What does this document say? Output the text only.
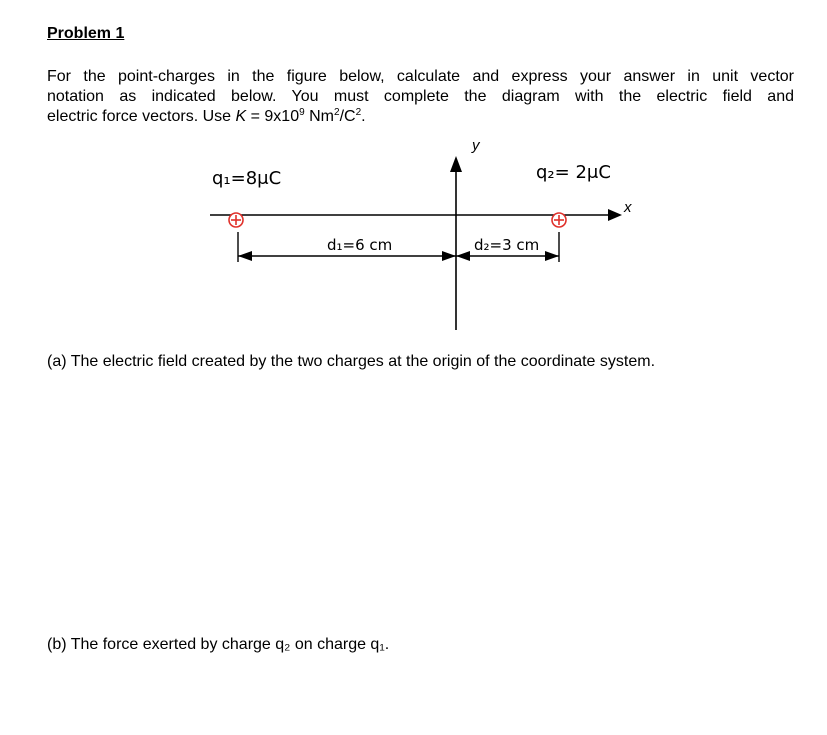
Problem 1
For the point-charges in the figure below, calculate and express your answer in unit vector
notation as indicated below. You must complete the diagram with the electric field and
electric force vectors. Use $K = 9x10^9$ $Nm^2/C^2$.
x
y
q₁=8μC	q₂= 2μC
d₁=6 cm	d₂=3 cm
(a) The electric field created by the two charges at the origin of the coordinate system.
(b) The force exerted by charge q₂ on charge q₁.
